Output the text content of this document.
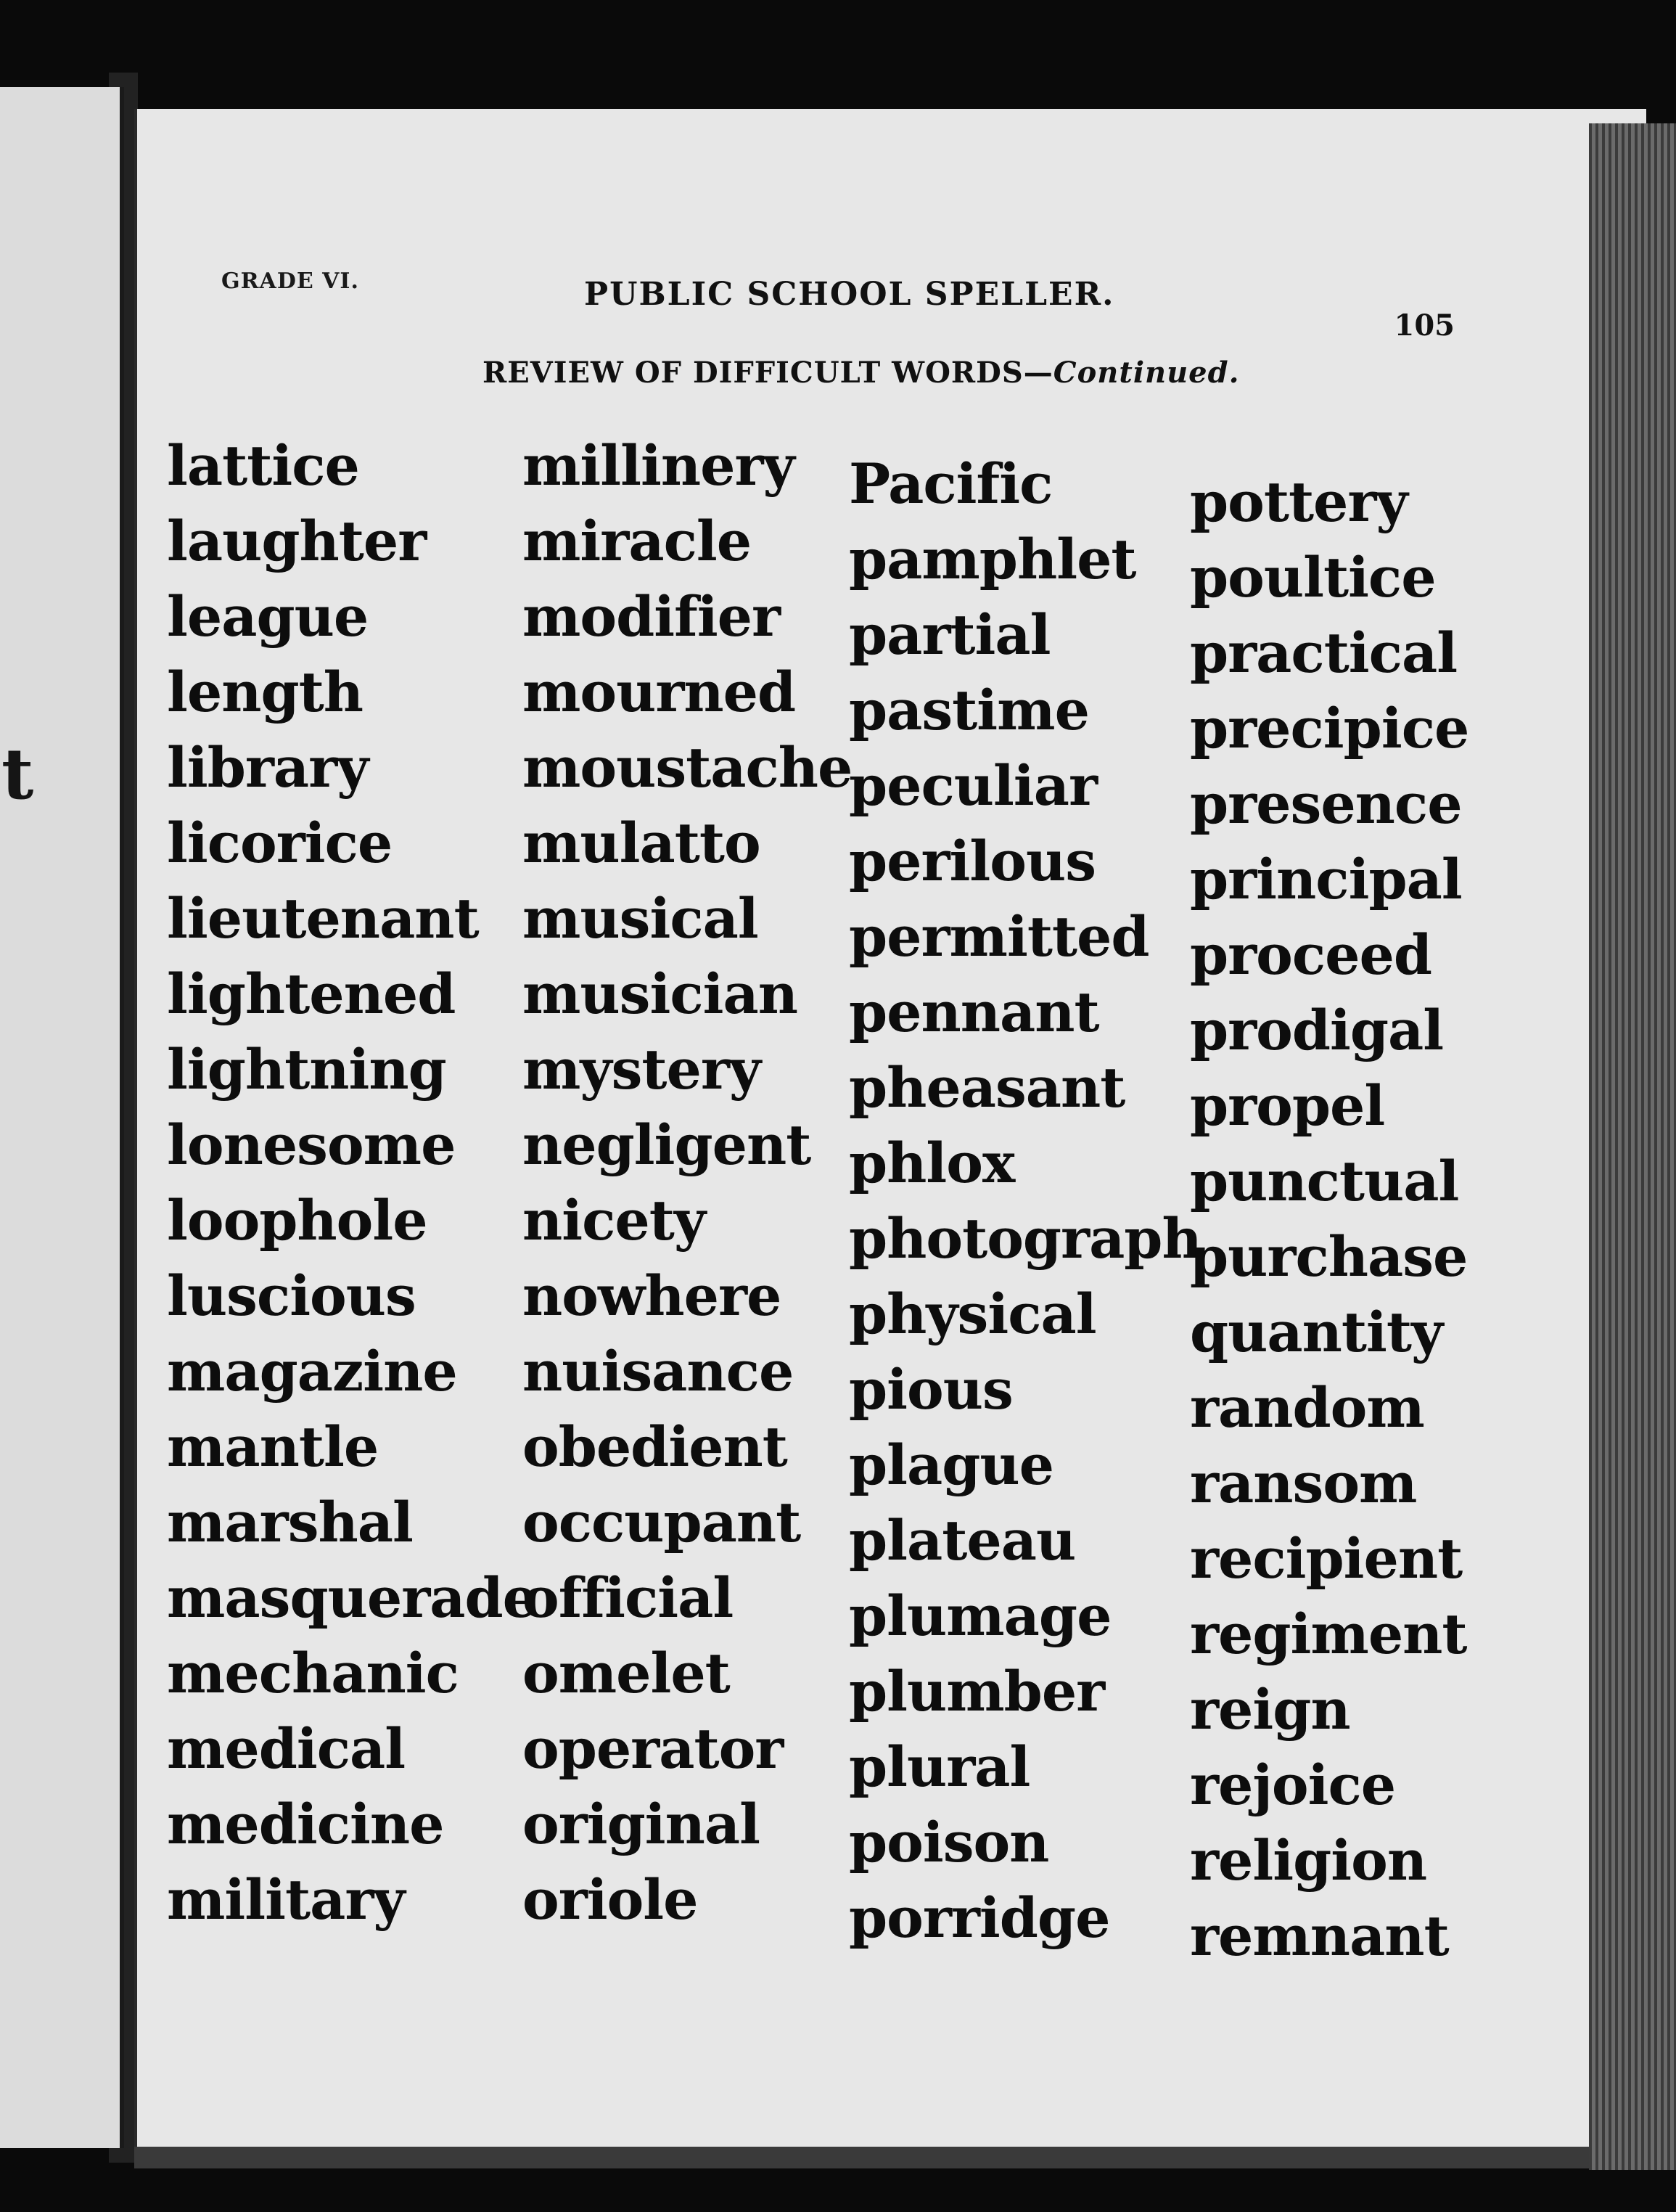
t
GRADE VI.	PUBLIC SCHOOL SPELLER.
105
REVIEW OF DIFFICULT WORDS—Continued.
lattice
laughter
league
length
library
licorice
lieutenant
lightened
lightning
lonesome
loophole
luscious
magazine
mantle
marshal
masquerade
mechanic
medical
medicine
military
millinery
miracle
modifier
mourned
moustache
mulatto
musical
musician
mystery
negligent
nicety
nowhere
nuisance
obedient
occupant
official
omelet
operator
original
oriole
Pacific
pamphlet
partial
pastime
peculiar
perilous
permitted
pennant
pheasant
phlox
photograph
physical
pious
plague
plateau
plumage
plumber
plural
poison
porridge
pottery
poultice
practical
precipice
presence
principal
proceed
prodigal
propel
punctual
purchase
quantity
random
ransom
recipient
regiment
reign
rejoice
religion
remnant
